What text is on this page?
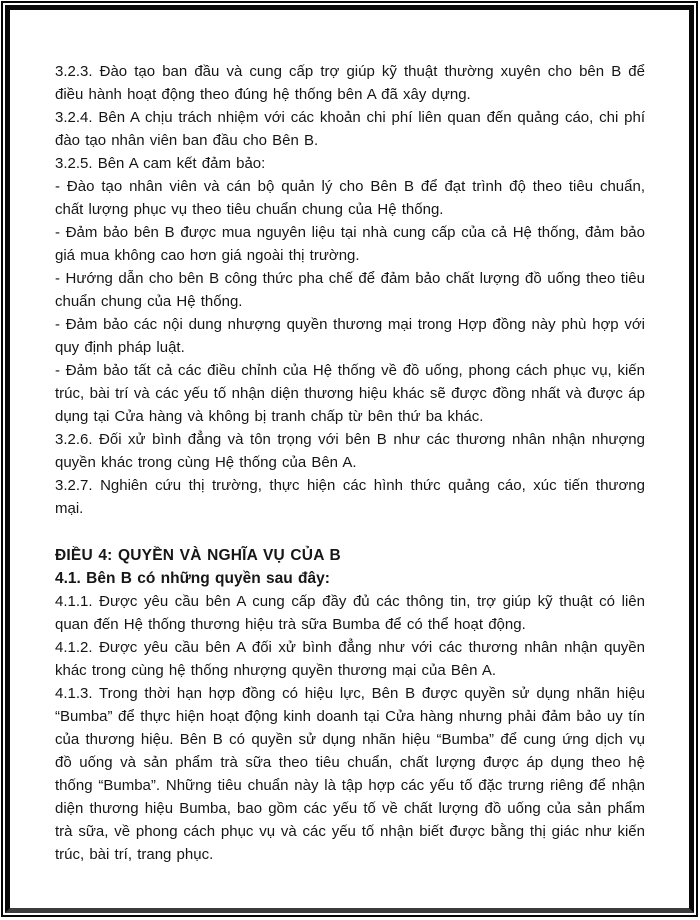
3.2.3. Đào tạo ban đầu và cung cấp trợ giúp kỹ thuật thường xuyên cho bên B để điều hành hoạt động theo đúng hệ thống bên A đã xây dựng.

3.2.4. Bên A chịu trách nhiệm với các khoản chi phí liên quan đến quảng cáo, chi phí đào tạo nhân viên ban đầu cho Bên B.

3.2.5. Bên A cam kết đảm bảo:

- Đào tạo nhân viên và cán bộ quản lý cho Bên B để đạt trình độ theo tiêu chuẩn, chất lượng phục vụ theo tiêu chuẩn chung của Hệ thống.

- Đảm bảo bên B được mua nguyên liệu tại nhà cung cấp của cả Hệ thống, đảm bảo giá mua không cao hơn giá ngoài thị trường.

- Hướng dẫn cho bên B công thức pha chế để đảm bảo chất lượng đồ uống theo tiêu chuẩn chung của Hệ thống.

- Đảm bảo các nội dung nhượng quyền thương mại trong Hợp đồng này phù hợp với quy định pháp luật.

- Đảm bảo tất cả các điều chỉnh của Hệ thống về đồ uống, phong cách phục vụ, kiến trúc, bài trí và các yếu tố nhận diện thương hiệu khác sẽ được đồng nhất và được áp dụng tại Cửa hàng và không bị tranh chấp từ bên thứ ba khác.

3.2.6. Đối xử bình đẳng và tôn trọng với bên B như các thương nhân nhận nhượng quyền khác trong cùng Hệ thống của Bên A.

3.2.7. Nghiên cứu thị trường, thực hiện các hình thức quảng cáo, xúc tiến thương mại.

ĐIỀU 4: QUYỀN VÀ NGHĨA VỤ CỦA B

4.1. Bên B có những quyền sau đây:

4.1.1. Được yêu cầu bên A cung cấp đầy đủ các thông tin, trợ giúp kỹ thuật có liên quan đến Hệ thống thương hiệu trà sữa Bumba để có thể hoạt động.

4.1.2. Được yêu cầu bên A đối xử bình đẳng như với các thương nhân nhận quyền khác trong cùng hệ thống nhượng quyền thương mại của Bên A.

4.1.3. Trong thời hạn hợp đồng có hiệu lực, Bên B được quyền sử dụng nhãn hiệu “Bumba” để thực hiện hoạt động kinh doanh tại Cửa hàng nhưng phải đảm bảo uy tín của thương hiệu. Bên B có quyền sử dụng nhãn hiệu “Bumba” để cung ứng dịch vụ đồ uống và sản phẩm trà sữa theo tiêu chuẩn, chất lượng được áp dụng theo hệ thống “Bumba”. Những tiêu chuẩn này là tập hợp các yếu tố đặc trưng riêng để nhận diện thương hiệu Bumba, bao gồm các yếu tố về chất lượng đồ uống của sản phẩm trà sữa, về phong cách phục vụ và các yếu tố nhận biết được bằng thị giác như kiến trúc, bài trí, trang phục.
